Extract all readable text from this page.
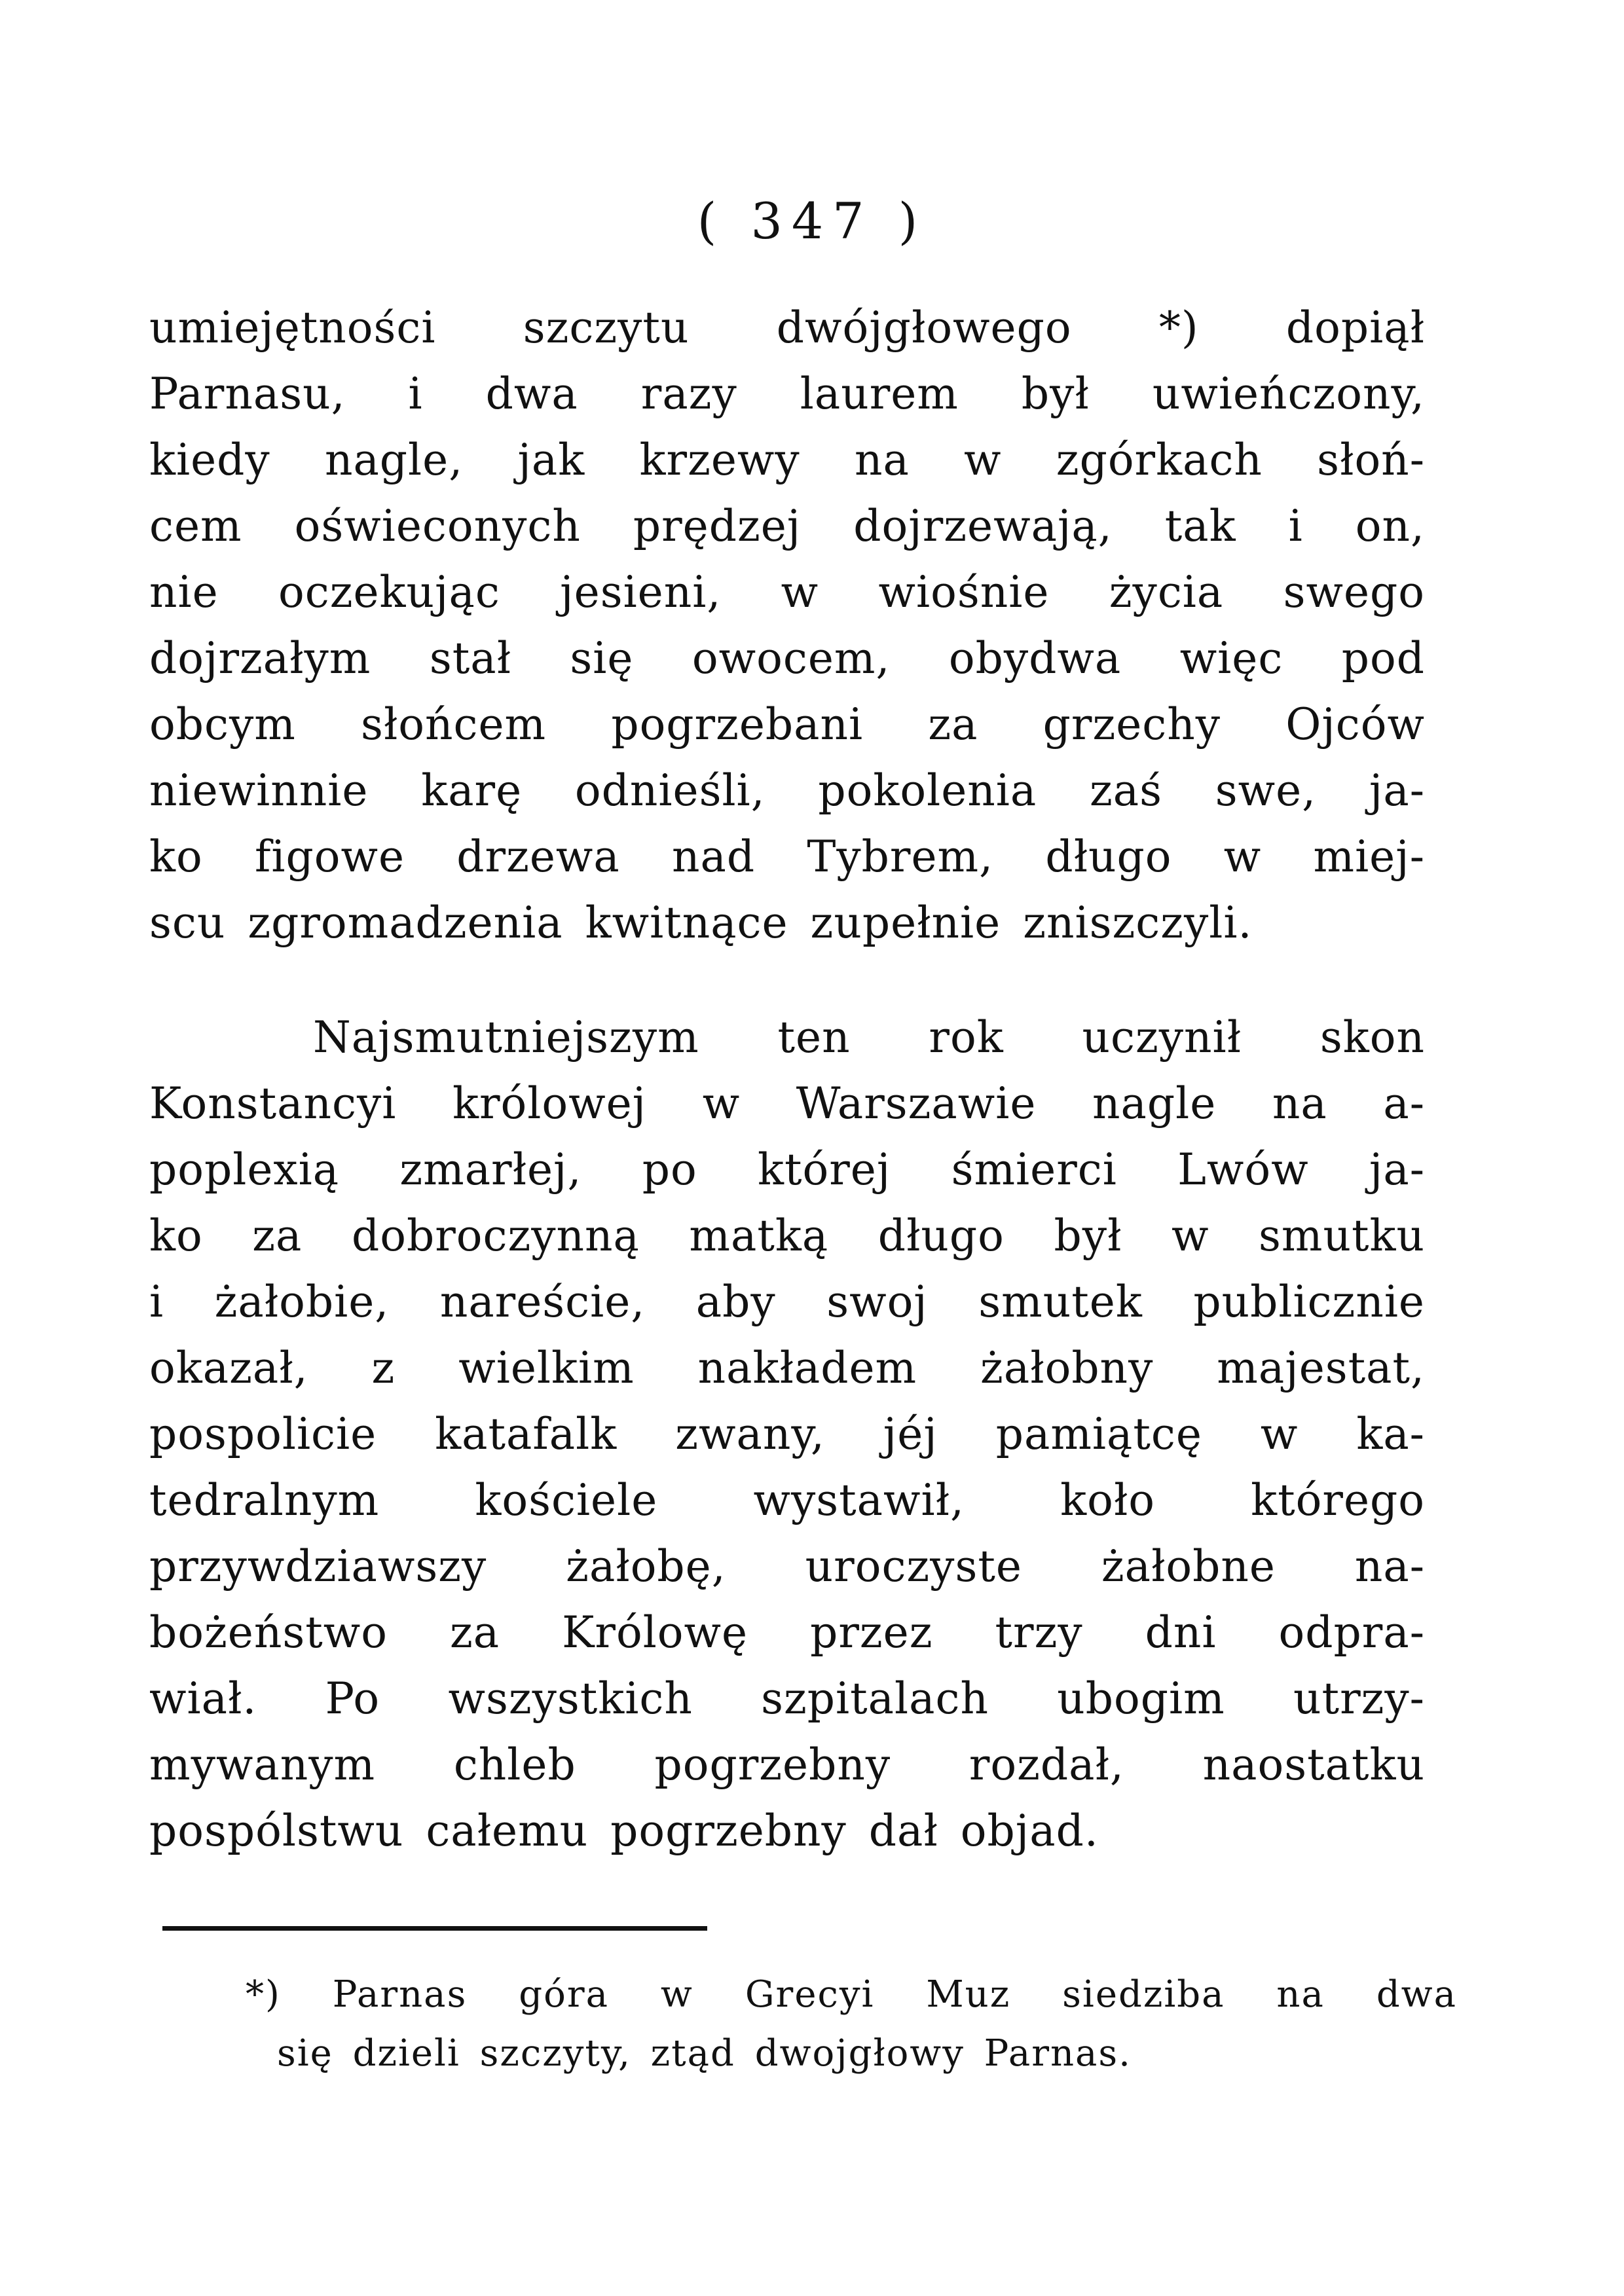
( 347 )
umiejętności szczytu dwójgłowego *) dopiął
Parnasu, i dwa razy laurem był uwieńczony,
kiedy nagle, jak krzewy na w zgórkach słoń-
cem oświeconych prędzej dojrzewają, tak i on,
nie oczekując jesieni, w wiośnie życia swego
dojrzałym stał się owocem, obydwa więc pod
obcym słońcem pogrzebani za grzechy Ojców
niewinnie karę odnieśli, pokolenia zaś swe, ja-
ko figowe drzewa nad Tybrem, długo w miej-
scu zgromadzenia kwitnące zupełnie zniszczyli.
Najsmutniejszym ten rok uczynił skon
Konstancyi królowej w Warszawie nagle na a-
poplexią zmarłej, po której śmierci Lwów ja-
ko za dobroczynną matką długo był w smutku
i żałobie, nareście, aby swoj smutek publicznie
okazał, z wielkim nakładem żałobny majestat,
pospolicie katafalk zwany, jéj pamiątcę w ka-
tedralnym kościele wystawił, koło którego
przywdziawszy żałobę, uroczyste żałobne na-
bożeństwo za Królowę przez trzy dni odpra-
wiał. Po wszystkich szpitalach ubogim utrzy-
mywanym chleb pogrzebny rozdał, naostatku
pospólstwu całemu pogrzebny dał objad.
*) Parnas góra w Grecyi Muz siedziba na dwa
się dzieli szczyty, ztąd dwojgłowy Parnas.
